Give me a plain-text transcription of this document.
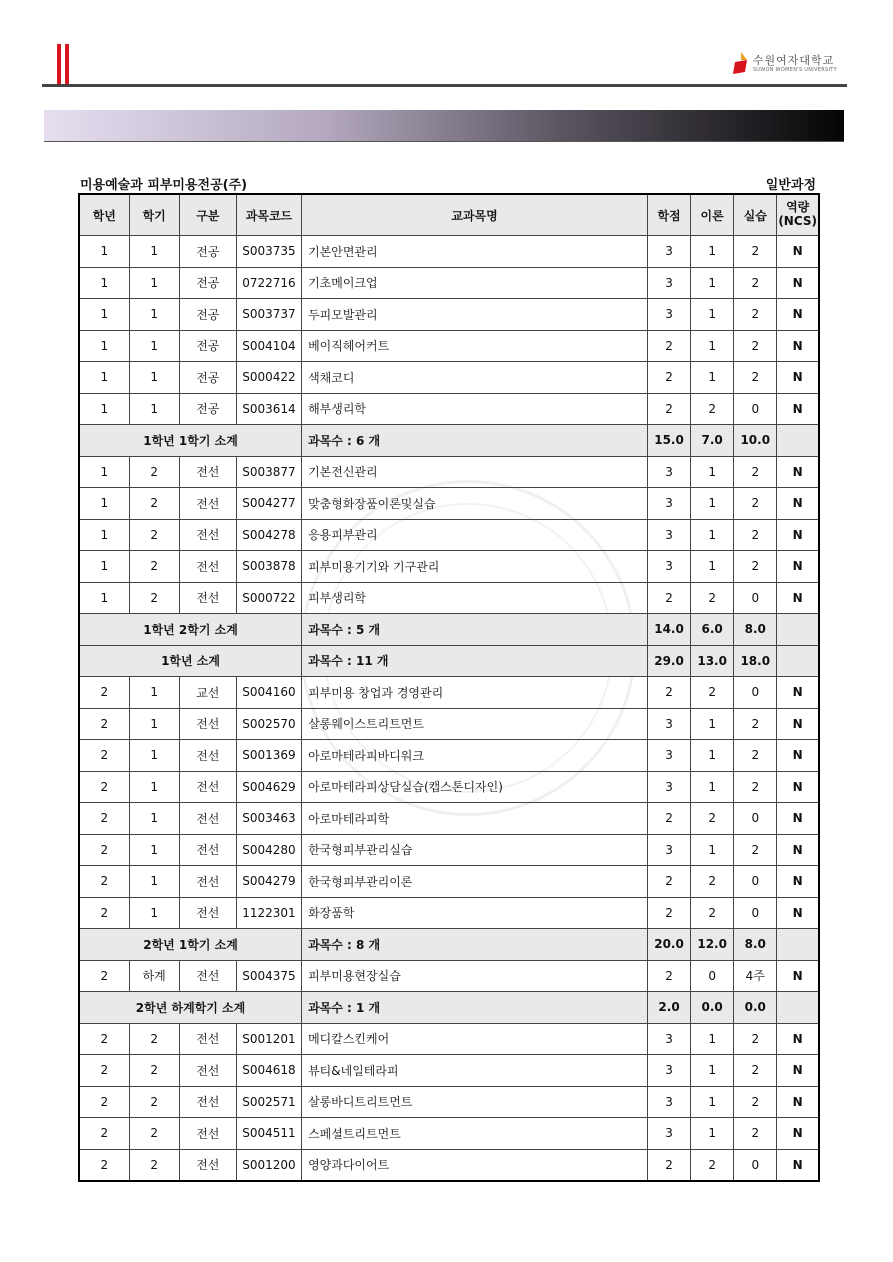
수원여자대학교
SUWON WOMEN'S UNIVERSITY
미용예술과 피부미용전공(주)	일반과정
학년	학기	구분	과목코드	교과목명	학점	이론	실습	역량
(NCS)
1	1	전공	S003735	기본안면관리	3	1	2	N
1	1	전공	0722716	기초메이크업	3	1	2	N
1	1	전공	S003737	두피모발관리	3	1	2	N
1	1	전공	S004104	베이직헤어커트	2	1	2	N
1	1	전공	S000422	색채코디	2	1	2	N
1	1	전공	S003614	해부생리학	2	2	0	N
1학년 1학기 소계				과목수 : 6 개	15.0	7.0	10.0	
1	2	전선	S003877	기본전신관리	3	1	2	N
1	2	전선	S004277	맞춤형화장품이론및실습	3	1	2	N
1	2	전선	S004278	응용피부관리	3	1	2	N
1	2	전선	S003878	피부미용기기와 기구관리	3	1	2	N
1	2	전선	S000722	피부생리학	2	2	0	N
1학년 2학기 소계				과목수 : 5 개	14.0	6.0	8.0	
1학년 소계				과목수 : 11 개	29.0	13.0	18.0	
2	1	교선	S004160	피부미용 창업과 경영관리	2	2	0	N
2	1	전선	S002570	살롱웨이스트리트먼트	3	1	2	N
2	1	전선	S001369	아로마테라피바디워크	3	1	2	N
2	1	전선	S004629	아로마테라피상담실습(캡스톤디자인)	3	1	2	N
2	1	전선	S003463	아로마테라피학	2	2	0	N
2	1	전선	S004280	한국형피부관리실습	3	1	2	N
2	1	전선	S004279	한국형피부관리이론	2	2	0	N
2	1	전선	1122301	화장품학	2	2	0	N
2학년 1학기 소계				과목수 : 8 개	20.0	12.0	8.0	
2	하계	전선	S004375	피부미용현장실습	2	0	4주	N
2학년 하계학기 소계				과목수 : 1 개	2.0	0.0	0.0	
2	2	전선	S001201	메디칼스킨케어	3	1	2	N
2	2	전선	S004618	뷰티&네일테라피	3	1	2	N
2	2	전선	S002571	살롱바디트리트먼트	3	1	2	N
2	2	전선	S004511	스페셜트리트먼트	3	1	2	N
2	2	전선	S001200	영양과다이어트	2	2	0	N
